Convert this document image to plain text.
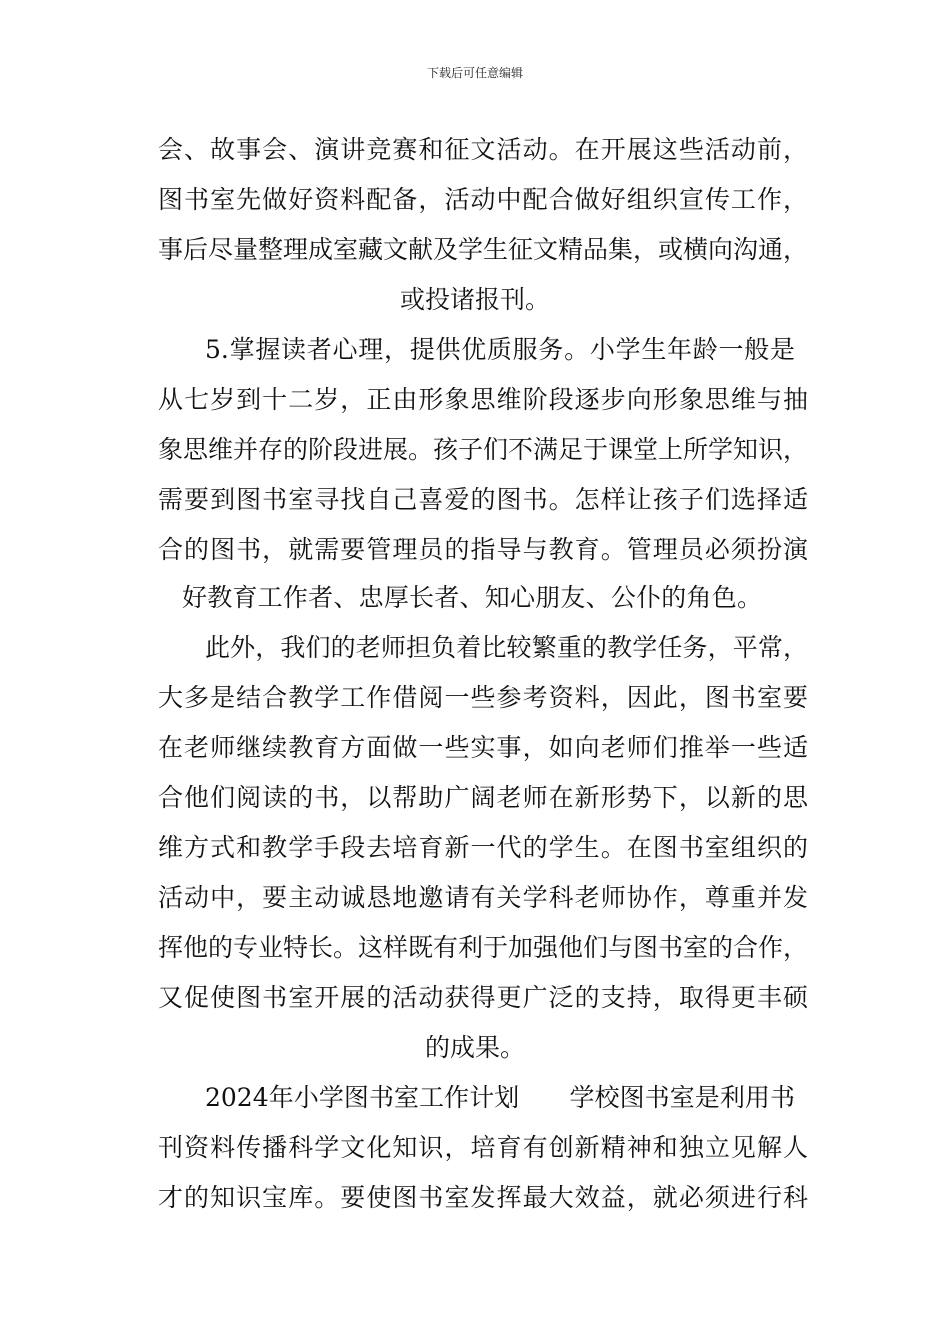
下载后可任意编辑
会、故事会、演讲竞赛和征文活动。在开展这些活动前，
图书室先做好资料配备，活动中配合做好组织宣传工作，
事后尽量整理成室藏文献及学生征文精品集，或横向沟通，
或投诸报刊。
5.掌握读者心理，提供优质服务。小学生年龄一般是
从七岁到十二岁，正由形象思维阶段逐步向形象思维与抽
象思维并存的阶段进展。孩子们不满足于课堂上所学知识，
需要到图书室寻找自己喜爱的图书。怎样让孩子们选择适
合的图书，就需要管理员的指导与教育。管理员必须扮演
好教育工作者、忠厚长者、知心朋友、公仆的角色。
此外，我们的老师担负着比较繁重的教学任务，平常，
大多是结合教学工作借阅一些参考资料，因此，图书室要
在老师继续教育方面做一些实事，如向老师们推举一些适
合他们阅读的书，以帮助广阔老师在新形势下，以新的思
维方式和教学手段去培育新一代的学生。在图书室组织的
活动中，要主动诚恳地邀请有关学科老师协作，尊重并发
挥他的专业特长。这样既有利于加强他们与图书室的合作，
又促使图书室开展的活动获得更广泛的支持，取得更丰硕
的成果。
2024年小学图书室工作计划　　学校图书室是利用书
刊资料传播科学文化知识，培育有创新精神和独立见解人
才的知识宝库。要使图书室发挥最大效益，就必须进行科
